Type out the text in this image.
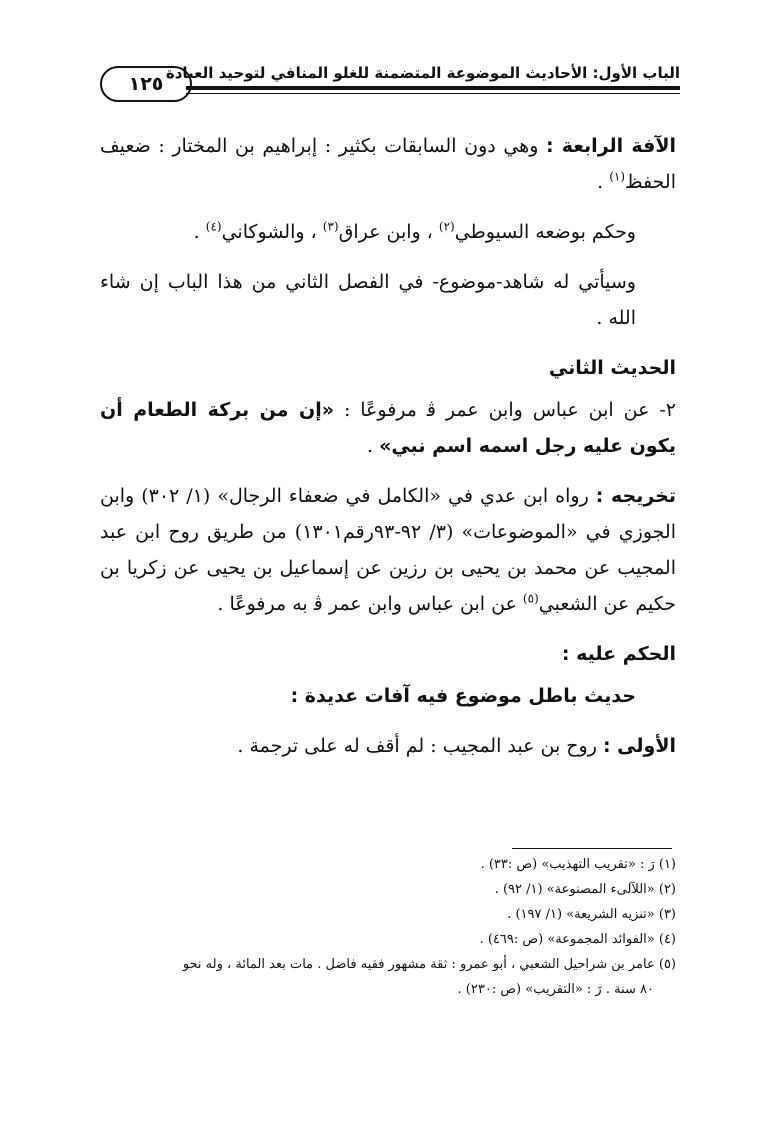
١٢٥ الباب الأول: الأحاديث الموضوعة المتضمنة للغلو المنافي لتوحيد العبادة

الآفة الرابعة : وهي دون السابقات بكثير : إبراهيم بن المختار : ضعيف الحفظ$^{(١)}$ .

وحكم بوضعه السيوطي$^{(٢)}$ ، وابن عراق$^{(٣)}$ ، والشوكاني$^{(٤)}$ .

وسيأتي له شاهد-موضوع- في الفصل الثاني من هذا الباب إن شاء الله .

الحديث الثاني

٢- عن ابن عباس وابن عمر ﭬ مرفوعًا : «إن من بركة الطعام أن يكون عليه رجل اسمه اسم نبي» .

تخريجه : رواه ابن عدي في «الكامل في ضعفاء الرجال» (١/ ٣٠٢) وابن الجوزي في «الموضوعات» (٣/ ٩٢-٩٣رقم١٣٠١) من طريق روح ابن عبد المجيب عن محمد بن يحيى بن رزين عن إسماعيل بن يحيى عن زكريا بن حكيم عن الشعبي$^{(٥)}$ عن ابن عباس وابن عمر ﭬ به مرفوعًا .

الحكم عليه :

حديث باطل موضوع فيه آفات عديدة :

الأولى : روح بن عبد المجيب : لم أقف له على ترجمة .

(١) رَ : «تقريب التهذيب» (ص :٣٣) .
(٢) «اللآلىء المصنوعة» (١/ ٩٢) .
(٣) «تنزيه الشريعة» (١/ ١٩٧) .
(٤) «الفوائد المجموعة» (ص :٤٦٩) .
(٥) عامر بن شراحيل الشعبي ، أبو عمرو : ثقة مشهور فقيه فاضل . مات بعد المائة ، وله نحو
٨٠ سنة . رَ : «التقريب» (ص :٢٣٠) .
